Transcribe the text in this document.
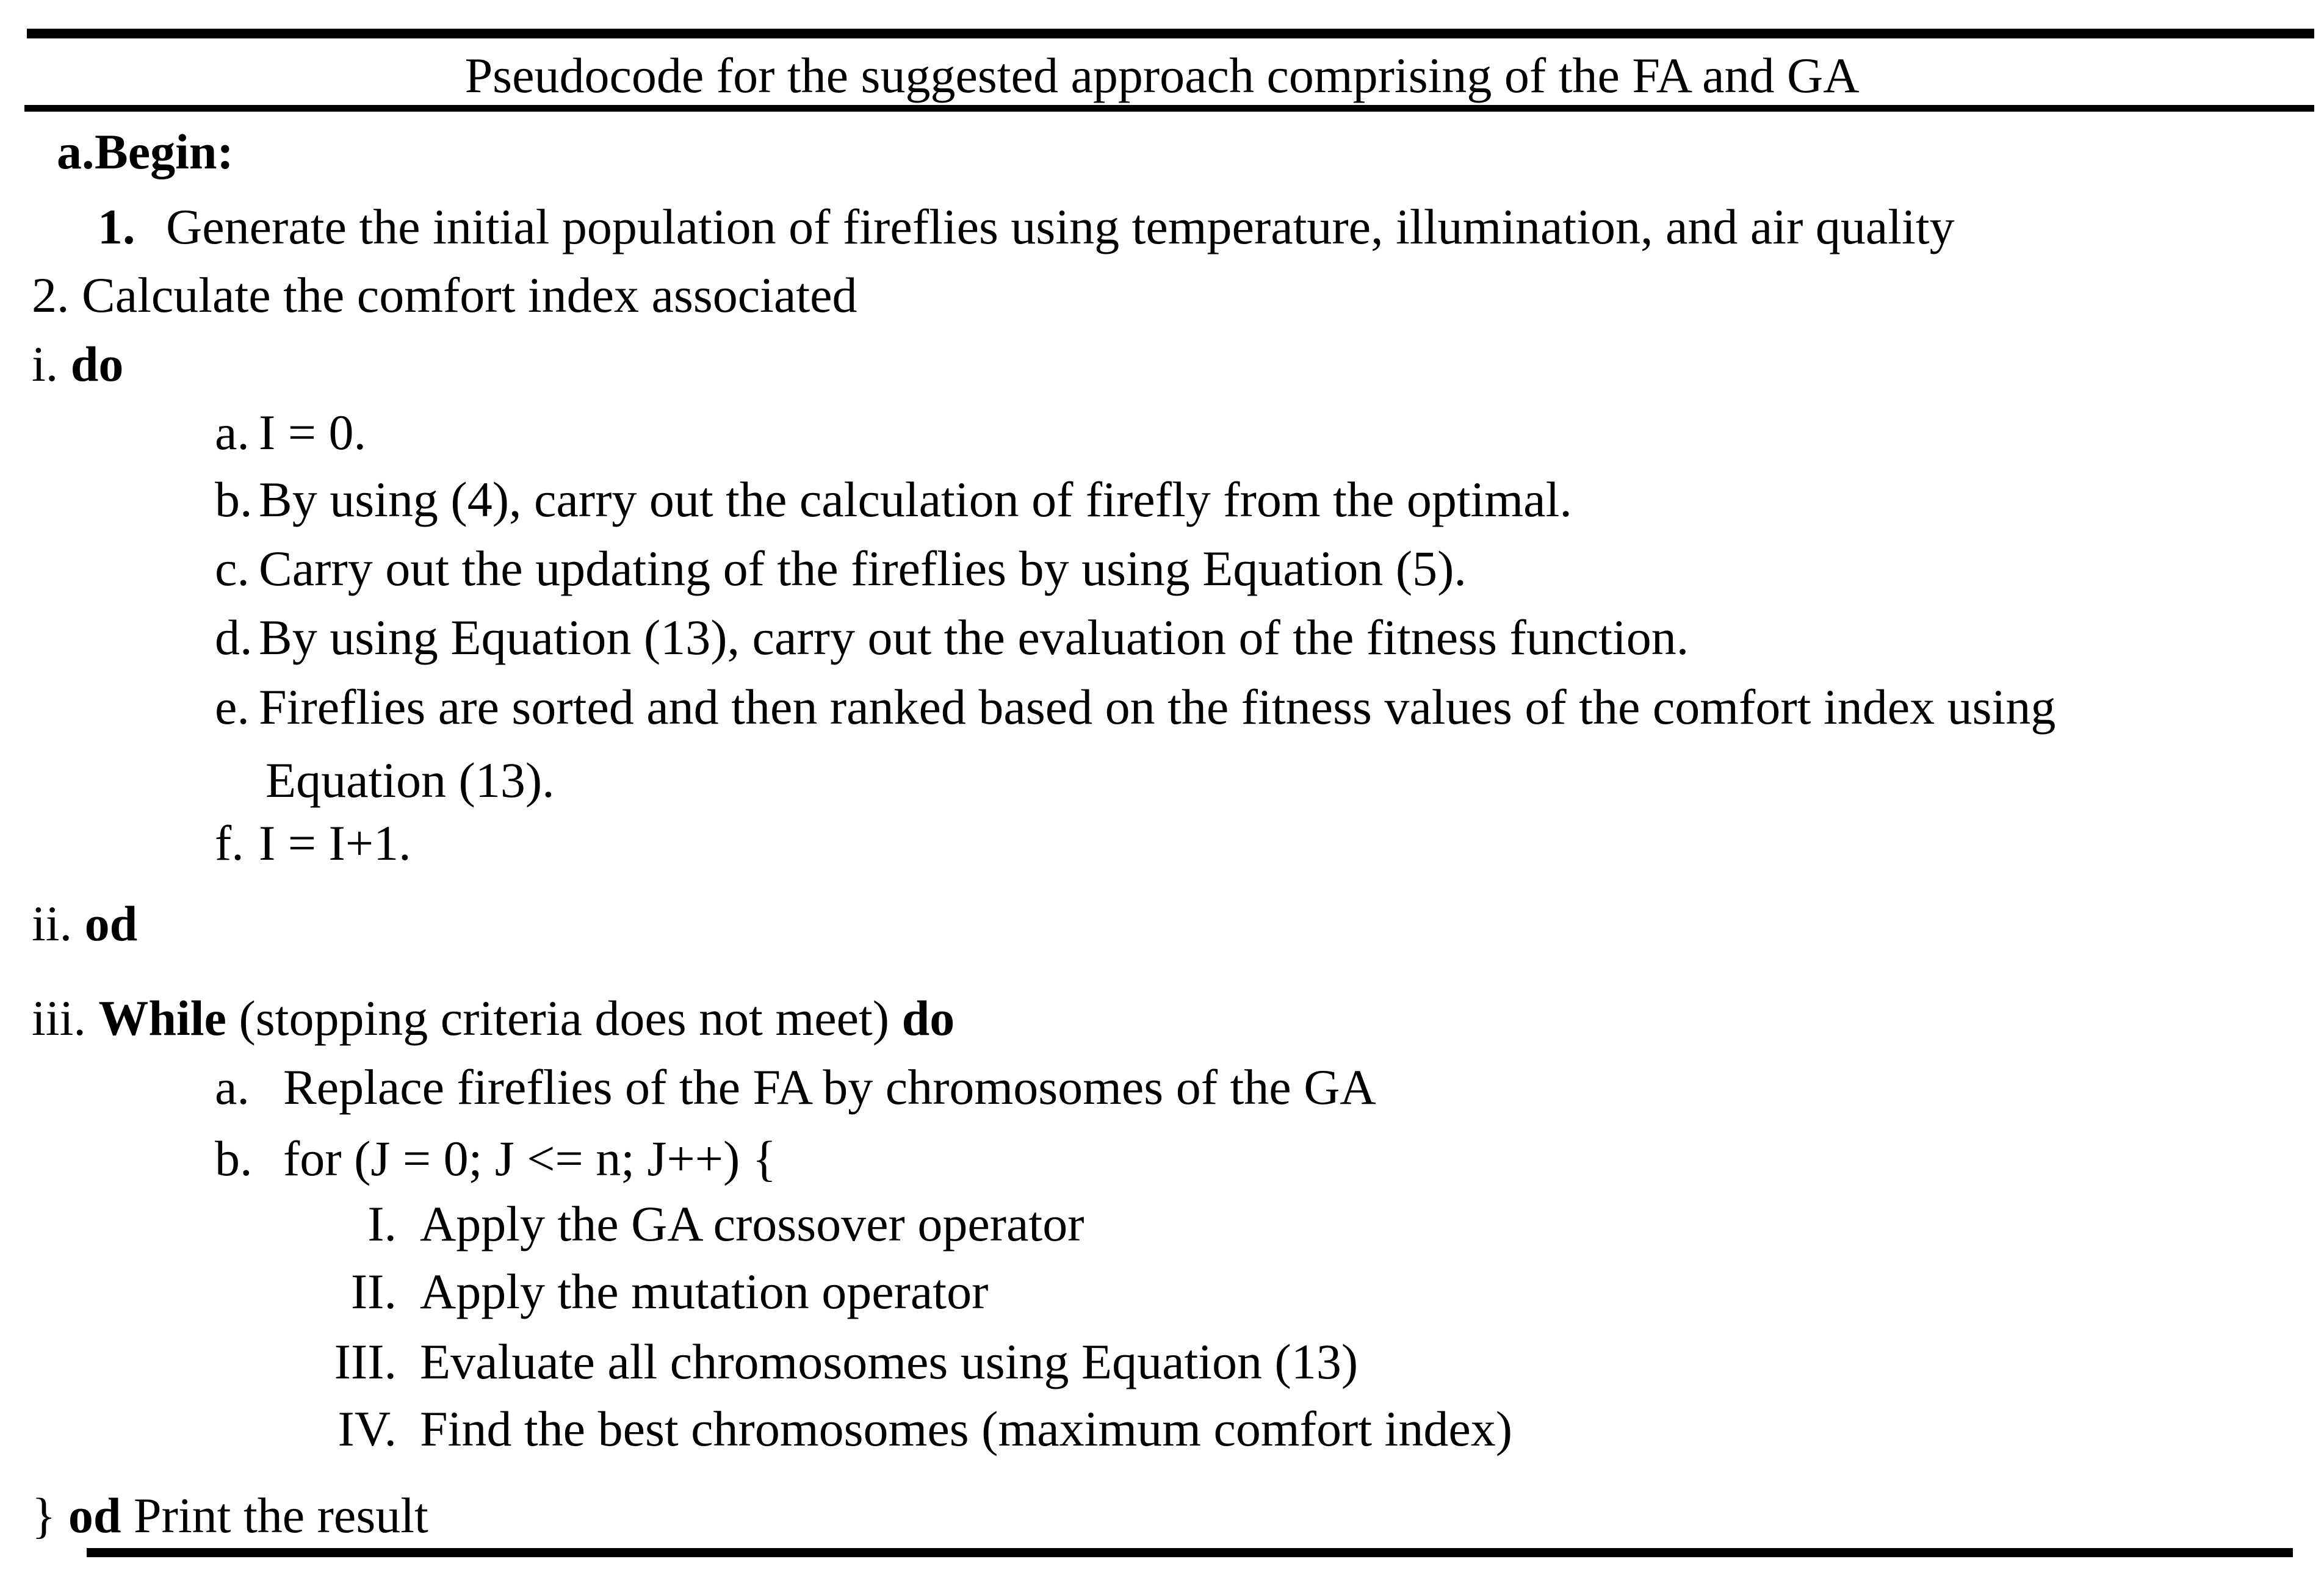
Pseudocode for the suggested approach comprising of the FA and GA
a.Begin:
1. Generate the initial population of fireflies using temperature, illumination, and air quality
2. Calculate the comfort index associated
i. do
a. I = 0.
b. By using (4), carry out the calculation of firefly from the optimal.
c. Carry out the updating of the fireflies by using Equation (5).
d. By using Equation (13), carry out the evaluation of the fitness function.
e. Fireflies are sorted and then ranked based on the fitness values of the comfort index using
Equation (13).
f. I = I+1.
ii. od
iii. While (stopping criteria does not meet) do
a. Replace fireflies of the FA by chromosomes of the GA
b. for (J = 0; J <= n; J++) {
I. Apply the GA crossover operator
II. Apply the mutation operator
III. Evaluate all chromosomes using Equation (13)
IV. Find the best chromosomes (maximum comfort index)
} od Print the result
